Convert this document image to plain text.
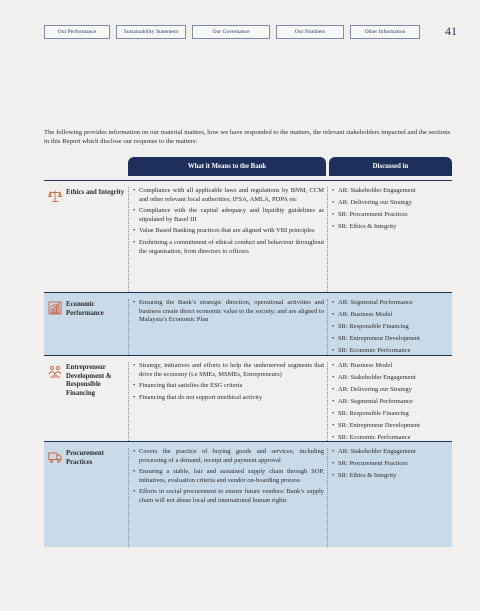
Our Performance	Sustainability Statement	Our Governance	Our Numbers	Other Information	41

The following provides information on our material matters, how we have responded to the matters, the relevant stakeholders impacted and the sections in this Report which disclose our response to the matters:

What it Means to the Bank	Discussed in
Ethics and Integrity
•	Compliance with all applicable laws and regulations by BNM, CCM and other relevant local authorities; IFSA, AMLA, PDPA etc
• Compliance with the capital adequacy and liquidity guidelines as stipulated by Basel III
• Value Based Banking practices that are aligned with VBI principles
• Enshrining a commitment of ethical conduct and behaviour throughout the organisation, from directors to officers
• AR: Stakeholder Engagement
• AR: Delivering our Strategy
• SR: Procurement Practices
• SR: Ethics & Integrity
Economic Performance
• Ensuring the Bank’s strategic direction, operational activities and business create direct economic value to the society; and are aligned to Malaysia’s Economic Plan
• AR: Segmental Performance
• AR: Business Model
• SR: Responsible Financing
• SR: Entrepreneur Development
• SR: Economic Performance
Entrepreneur Development & Responsible Financing
• Strategy, initiatives and efforts to help the underserved segments that drive the economy (i.e SMEs, MSMEs, Entrepreneurs)
• Financing that satisfies the ESG criteria
• Financing that do not support unethical activity
• AR: Business Model
• AR: Stakeholder Engagement
• AR: Delivering our Strategy
• AR: Segmental Performance
• SR: Responsible Financing
• SR: Entrepreneur Development
• SR: Economic Performance
Procurement Practices
• Covers the practice of buying goods and services; including processing of a demand, receipt and payment approval
• Ensuring a stable, fair and sustained supply chain through SOP, initiatives, evaluation criteria and vendor on-boarding process
• Efforts in social procurement to ensure future vendors/ Bank’s supply chain will not abuse local and international human rights
• AR: Stakeholder Engagement
• SR: Procurement Practices
• SR: Ethics & Integrity
